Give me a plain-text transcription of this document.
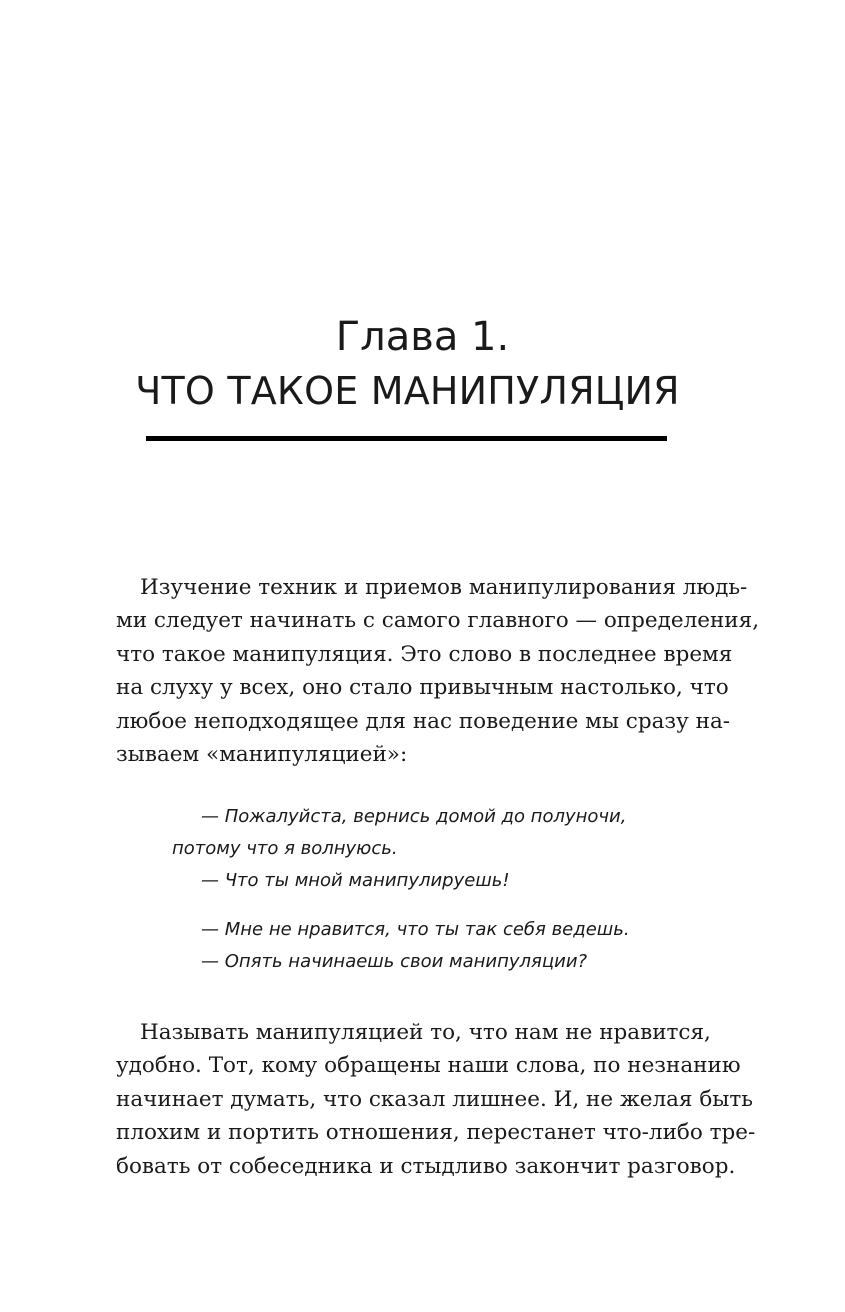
Глава 1.
ЧТО ТАКОЕ МАНИПУЛЯЦИЯ
Изучение техник и приемов манипулирования людь-
ми следует начинать с самого главного — определения,
что такое манипуляция. Это слово в последнее время
на слуху у всех, оно стало привычным настолько, что
любое неподходящее для нас поведение мы сразу на-
зываем «манипуляцией»:
— Пожалуйста, вернись домой до полуночи,
потому что я волнуюсь.
— Что ты мной манипулируешь!
— Мне не нравится, что ты так себя ведешь.
— Опять начинаешь свои манипуляции?
Называть манипуляцией то, что нам не нравится,
удобно. Тот, кому обращены наши слова, по незнанию
начинает думать, что сказал лишнее. И, не желая быть
плохим и портить отношения, перестанет что-либо тре-
бовать от собеседника и стыдливо закончит разговор.
